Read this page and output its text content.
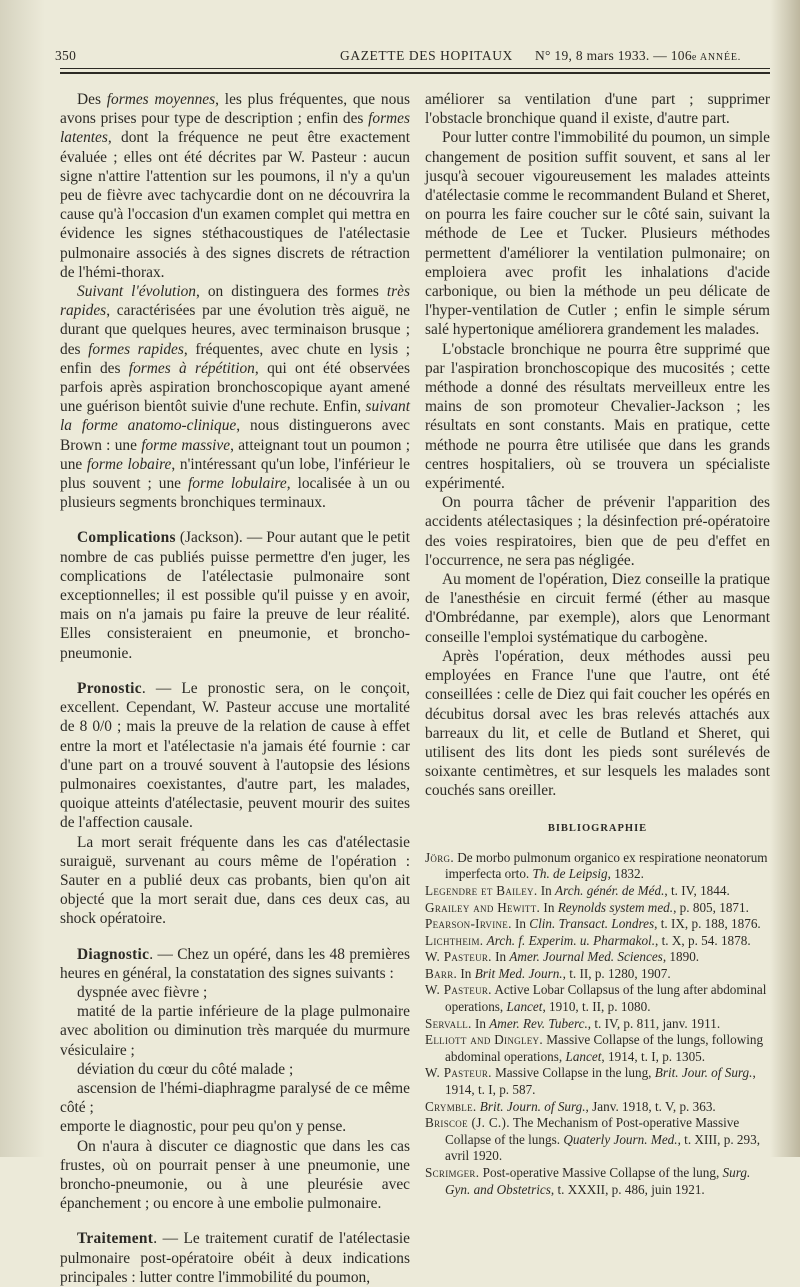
350	GAZETTE DES HOPITAUX N° 19, 8 mars 1933. — 106e ANNÉE.

Des formes moyennes, les plus fréquentes, que nous avons prises pour type de description ; enfin des formes latentes, dont la fréquence ne peut être exactement évaluée ; elles ont été décrites par W. Pasteur : aucun signe n'attire l'attention sur les poumons, il n'y a qu'un peu de fièvre avec tachycardie dont on ne découvrira la cause qu'à l'occasion d'un examen complet qui mettra en évidence les signes stéthacoustiques de l'atélectasie pulmonaire associés à des signes discrets de rétraction de l'hémi-thorax.

Suivant l'évolution, on distinguera des formes très rapides, caractérisées par une évolution très aiguë, ne durant que quelques heures, avec terminaison brusque ; des formes rapides, fréquentes, avec chute en lysis ; enfin des formes à répétition, qui ont été observées parfois après aspiration bronchoscopique ayant amené une guérison bientôt suivie d'une rechute. Enfin, suivant la forme anatomo-clinique, nous distinguerons avec Brown : une forme massive, atteignant tout un poumon ; une forme lobaire, n'intéressant qu'un lobe, l'inférieur le plus souvent ; une forme lobulaire, localisée à un ou plusieurs segments bronchiques terminaux.

Complications (Jackson). — Pour autant que le petit nombre de cas publiés puisse permettre d'en juger, les complications de l'atélectasie pulmonaire sont exceptionnelles; il est possible qu'il puisse y en avoir, mais on n'a jamais pu faire la preuve de leur réalité. Elles consisteraient en pneumonie, et broncho-pneumonie.

Pronostic. — Le pronostic sera, on le conçoit, excellent. Cependant, W. Pasteur accuse une mortalité de 8 0/0 ; mais la preuve de la relation de cause à effet entre la mort et l'atélectasie n'a jamais été fournie : car d'une part on a trouvé souvent à l'autopsie des lésions pulmonaires coexistantes, d'autre part, les malades, quoique atteints d'atélectasie, peuvent mourir des suites de l'affection causale.

La mort serait fréquente dans les cas d'atélectasie suraiguë, survenant au cours même de l'opération : Sauter en a publié deux cas probants, bien qu'on ait objecté que la mort serait due, dans ces deux cas, au shock opératoire.

Diagnostic. — Chez un opéré, dans les 48 premières heures en général, la constatation des signes suivants :

dyspnée avec fièvre ;

matité de la partie inférieure de la plage pulmonaire avec abolition ou diminution très marquée du murmure vésiculaire ;

déviation du cœur du côté malade ;

ascension de l'hémi-diaphragme paralysé de ce même côté ;

emporte le diagnostic, pour peu qu'on y pense.

On n'aura à discuter ce diagnostic que dans les cas frustes, où on pourrait penser à une pneumonie, une broncho-pneumonie, ou à une pleurésie avec épanchement ; ou encore à une embolie pulmonaire.

Traitement. — Le traitement curatif de l'atélectasie pulmonaire post-opératoire obéit à deux indications principales : lutter contre l'immobilité du poumon,

améliorer sa ventilation d'une part ; supprimer l'obstacle bronchique quand il existe, d'autre part.

Pour lutter contre l'immobilité du poumon, un simple changement de position suffit souvent, et sans al ler jusqu'à secouer vigoureusement les malades atteints d'atélectasie comme le recommandent Buland et Sheret, on pourra les faire coucher sur le côté sain, suivant la méthode de Lee et Tucker. Plusieurs méthodes permettent d'améliorer la ventilation pulmonaire; on emploiera avec profit les inhalations d'acide carbonique, ou bien la méthode un peu délicate de l'hyper-ventilation de Cutler ; enfin le simple sérum salé hypertonique améliorera grandement les malades.

L'obstacle bronchique ne pourra être supprimé que par l'aspiration bronchoscopique des mucosités ; cette méthode a donné des résultats merveilleux entre les mains de son promoteur Chevalier-Jackson ; les résultats en sont constants. Mais en pratique, cette méthode ne pourra être utilisée que dans les grands centres hospitaliers, où se trouvera un spécialiste expérimenté.

On pourra tâcher de prévenir l'apparition des accidents atélectasiques ; la désinfection pré-opératoire des voies respiratoires, bien que de peu d'effet en l'occurrence, ne sera pas négligée.

Au moment de l'opération, Diez conseille la pratique de l'anesthésie en circuit fermé (éther au masque d'Ombrédanne, par exemple), alors que Lenormant conseille l'emploi systématique du carbogène.

Après l'opération, deux méthodes aussi peu employées en France l'une que l'autre, ont été conseillées : celle de Diez qui fait coucher les opérés en décubitus dorsal avec les bras relevés attachés aux barreaux du lit, et celle de Butland et Sheret, qui utilisent des lits dont les pieds sont surélevés de soixante centimètres, et sur lesquels les malades sont couchés sans oreiller.

BIBLIOGRAPHIE

Jörg. De morbo pulmonum organico ex respiratione neonatorum imperfecta orto. Th. de Leipsig, 1832.

Legendre et Bailey. In Arch. génér. de Méd., t. IV, 1844.

Grailey and Hewitt. In Reynolds system med., p. 805, 1871.

Pearson-Irvine. In Clin. Transact. Londres, t. IX, p. 188, 1876.

Lichtheim. Arch. f. Experim. u. Pharmakol., t. X, p. 54. 1878.

W. Pasteur. In Amer. Journal Med. Sciences, 1890.

Barr. In Brit Med. Journ., t. II, p. 1280, 1907.

W. Pasteur. Active Lobar Collapsus of the lung after abdominal operations, Lancet, 1910, t. II, p. 1080.

Servall. In Amer. Rev. Tuberc., t. IV, p. 811, janv. 1911.

Elliott and Dingley. Massive Collapse of the lungs, following abdominal operations, Lancet, 1914, t. I, p. 1305.

W. Pasteur. Massive Collapse in the lung, Brit. Jour. of Surg., 1914, t. I, p. 587.

Crymble. Brit. Journ. of Surg., Janv. 1918, t. V, p. 363.

Briscoe (J. C.). The Mechanism of Post-operative Massive Collapse of the lungs. Quaterly Journ. Med., t. XIII, p. 293, avril 1920.

Scrimger. Post-operative Massive Collapse of the lung, Surg. Gyn. and Obstetrics, t. XXXII, p. 486, juin 1921.
